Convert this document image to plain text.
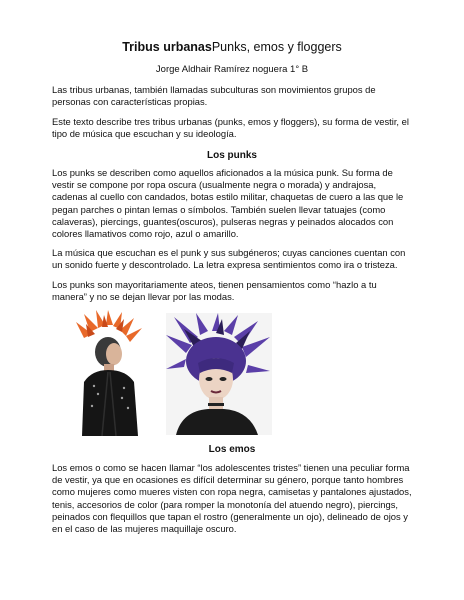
Tribus urbanasPunks, emos y floggers
Jorge Aldhair Ramírez noguera 1° B

Las tribus urbanas, también llamadas subculturas son movimientos grupos de personas con características propias.

Este texto describe tres tribus urbanas (punks, emos y floggers), su forma de vestir, el tipo de música que escuchan y su ideología.

Los punks

Los punks se describen como aquellos aficionados a la música punk. Su forma de vestir se compone por ropa oscura (usualmente negra o morada) y andrajosa, cadenas al cuello con candados, botas estilo militar, chaquetas de cuero a las que le pegan parches o pintan lemas o símbolos. También suelen llevar tatuajes (como calaveras), piercings, guantes(oscuros), pulseras negras y peinados alocados con colores llamativos como rojo, azul o amarillo.

La música que escuchan es el punk y sus subgéneros; cuyas canciones cuentan con un sonido fuerte y descontrolado. La letra expresa sentimientos como ira o tristeza.

Los punks son mayoritariamente ateos, tienen pensamientos como “hazlo a tu manera” y no se dejan llevar por las modas.

Los emos

Los emos o como se hacen llamar “los adolescentes tristes” tienen una peculiar forma de vestir, ya que en ocasiones es difícil determinar su género, porque tanto hombres como mujeres como mueres visten con ropa negra, camisetas y pantalones ajustados, tenis, accesorios de color (para romper la monotonía del atuendo negro), piercings, peinados con flequillos que tapan el rostro (generalmente un ojo), delineado de ojos y en el caso de las mujeres maquillaje oscuro.
